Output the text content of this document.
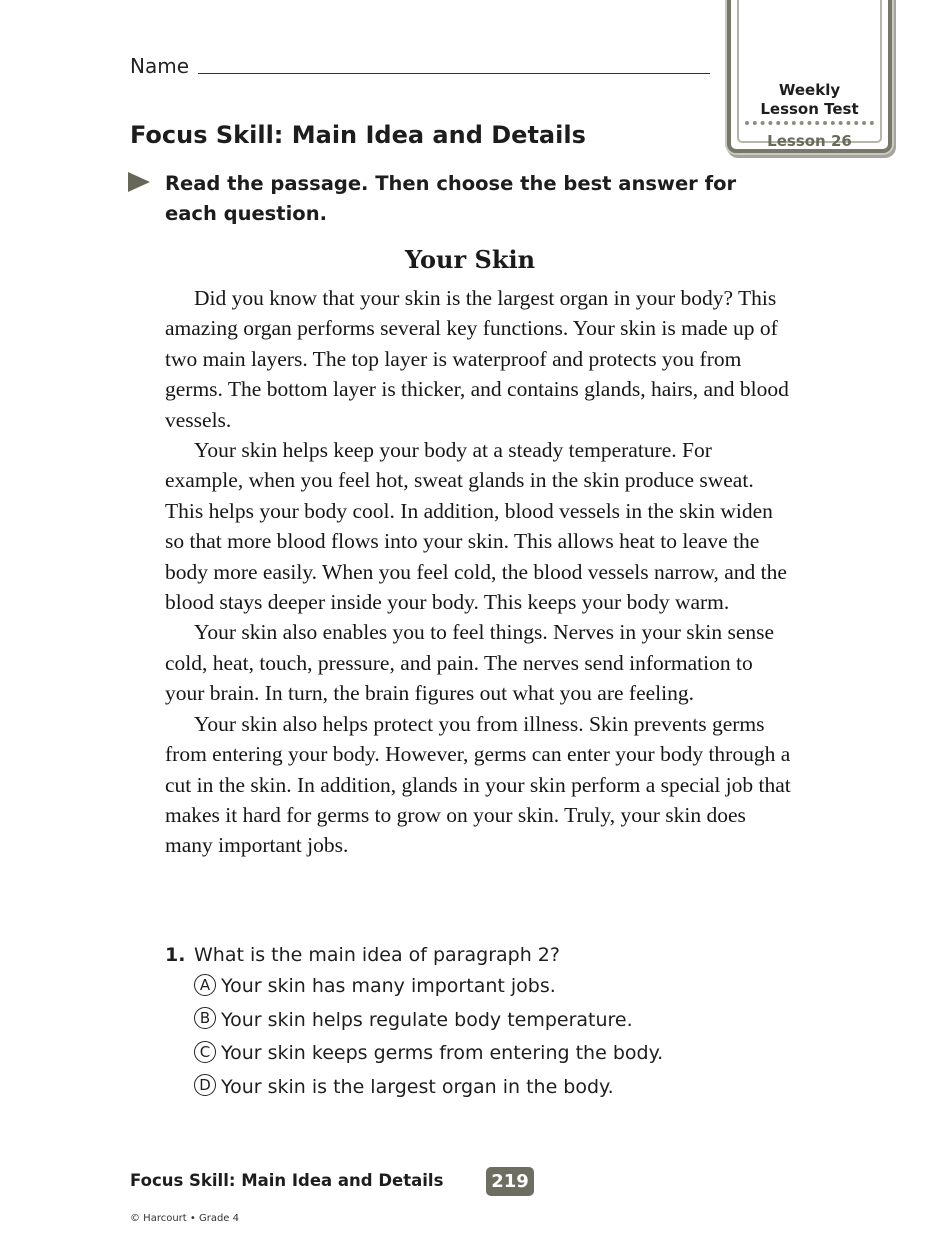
Name
Weekly
Lesson Test
Lesson 26
Focus Skill: Main Idea and Details
Read the passage. Then choose the best answer for each question.
Your Skin

Did you know that your skin is the largest organ in your body? This amazing organ performs several key functions. Your skin is made up of two main layers. The top layer is waterproof and protects you from germs. The bottom layer is thicker, and contains glands, hairs, and blood vessels.

Your skin helps keep your body at a steady temperature. For example, when you feel hot, sweat glands in the skin produce sweat. This helps your body cool. In addition, blood vessels in the skin widen so that more blood flows into your skin. This allows heat to leave the body more easily. When you feel cold, the blood vessels narrow, and the blood stays deeper inside your body. This keeps your body warm.

Your skin also enables you to feel things. Nerves in your skin sense cold, heat, touch, pressure, and pain. The nerves send information to your brain. In turn, the brain figures out what you are feeling.

Your skin also helps protect you from illness. Skin prevents germs from entering your body. However, germs can enter your body through a cut in the skin. In addition, glands in your skin perform a special job that makes it hard for germs to grow on your skin. Truly, your skin does many important jobs.

1. What is the main idea of paragraph 2?
A Your skin has many important jobs.
B Your skin helps regulate body temperature.
C Your skin keeps germs from entering the body.
D Your skin is the largest organ in the body.
Focus Skill: Main Idea and Details	219
© Harcourt • Grade 4
